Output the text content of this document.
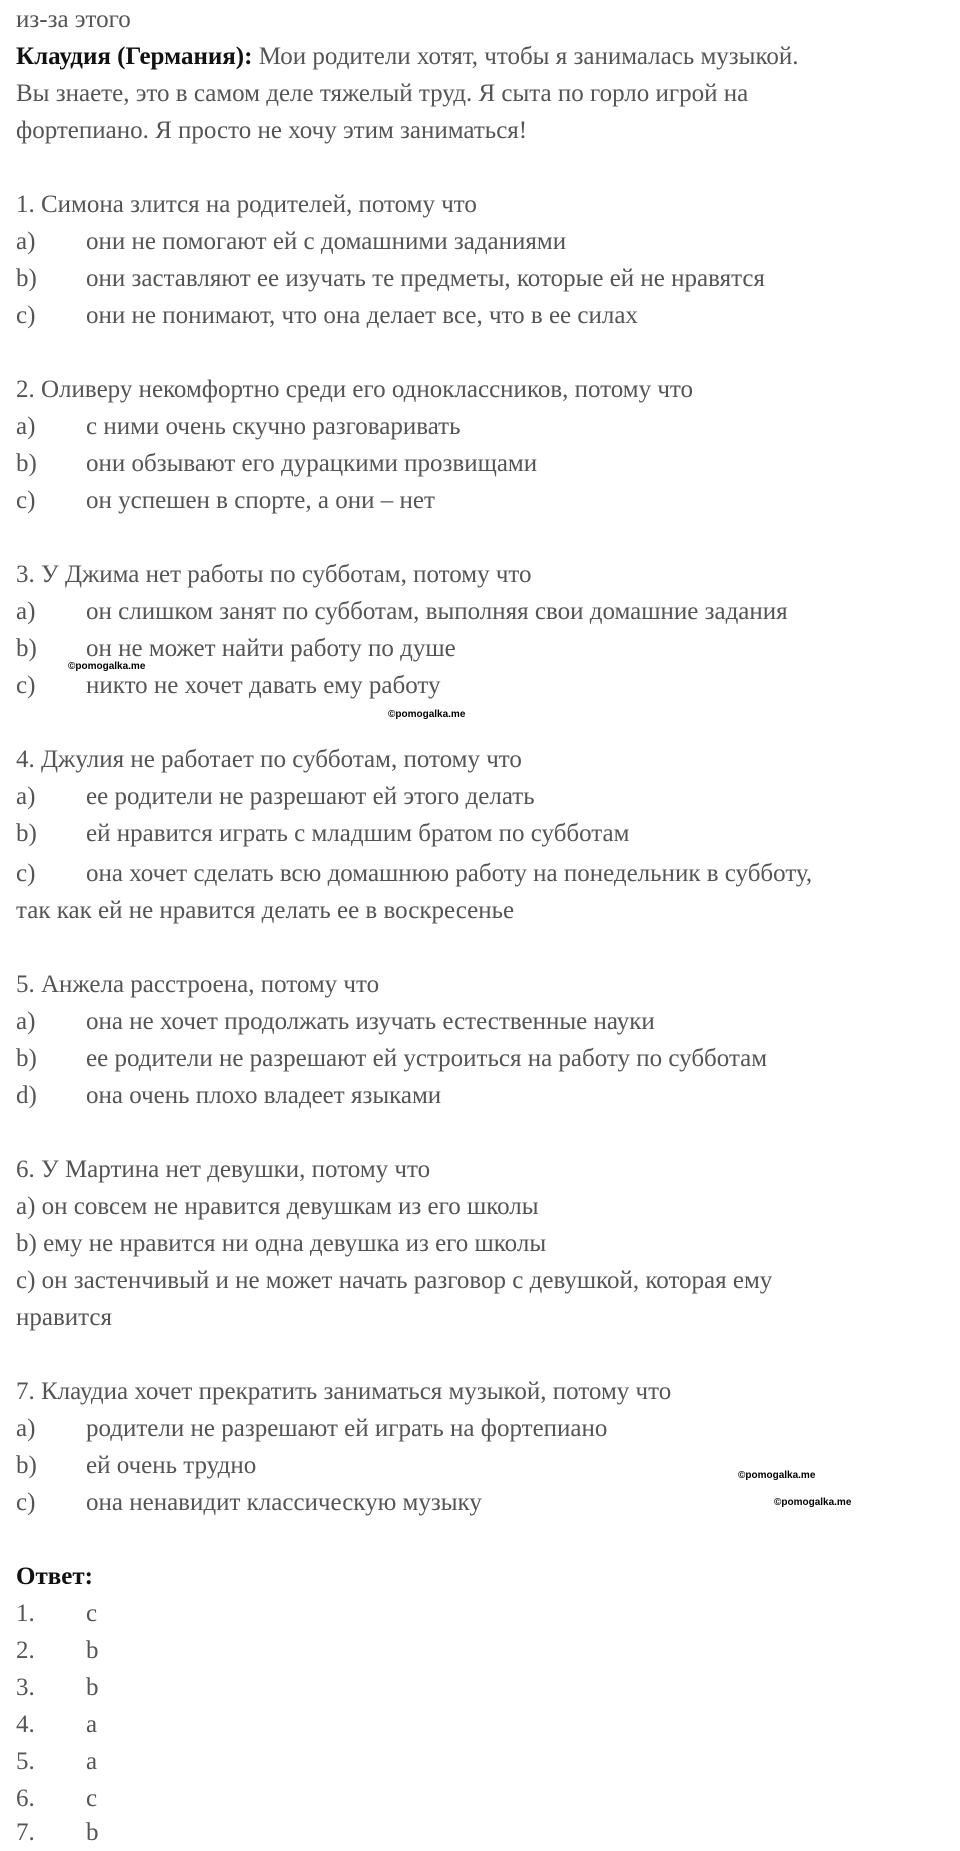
из-за этого
Клаудия (Германия): Мои родители хотят, чтобы я занималась музыкой.
Вы знаете, это в самом деле тяжелый труд. Я сыта по горло игрой на
фортепиано. Я просто не хочу этим заниматься!
1. Симона злится на родителей, потому что
a) они не помогают ей с домашними заданиями
b) они заставляют ее изучать те предметы, которые ей не нравятся
c) они не понимают, что она делает все, что в ее силах
2. Оливеру некомфортно среди его одноклассников, потому что
a) с ними очень скучно разговаривать
b) они обзывают его дурацкими прозвищами
c) он успешен в спорте, а они – нет
3. У Джима нет работы по субботам, потому что
a) он слишком занят по субботам, выполняя свои домашние задания
b) он не может найти работу по душе
c) никто не хочет давать ему работу
4. Джулия не работает по субботам, потому что
a) ее родители не разрешают ей этого делать
b) ей нравится играть с младшим братом по субботам
c) она хочет сделать всю домашнюю работу на понедельник в субботу,
так как ей не нравится делать ее в воскресенье
5. Анжела расстроена, потому что
a) она не хочет продолжать изучать естественные науки
b) ее родители не разрешают ей устроиться на работу по субботам
d) она очень плохо владеет языками
6. У Мартина нет девушки, потому что
a) он совсем не нравится девушкам из его школы
b) ему не нравится ни одна девушка из его школы
c) он застенчивый и не может начать разговор с девушкой, которая ему
нравится
7. Клаудиа хочет прекратить заниматься музыкой, потому что
a) родители не разрешают ей играть на фортепиано
b) ей очень трудно
c) она ненавидит классическую музыку
Ответ:
1. c
2. b
3. b
4. a
5. a
6. c
7. b
©pomogalka.me
©pomogalka.me
©pomogalka.me
©pomogalka.me
